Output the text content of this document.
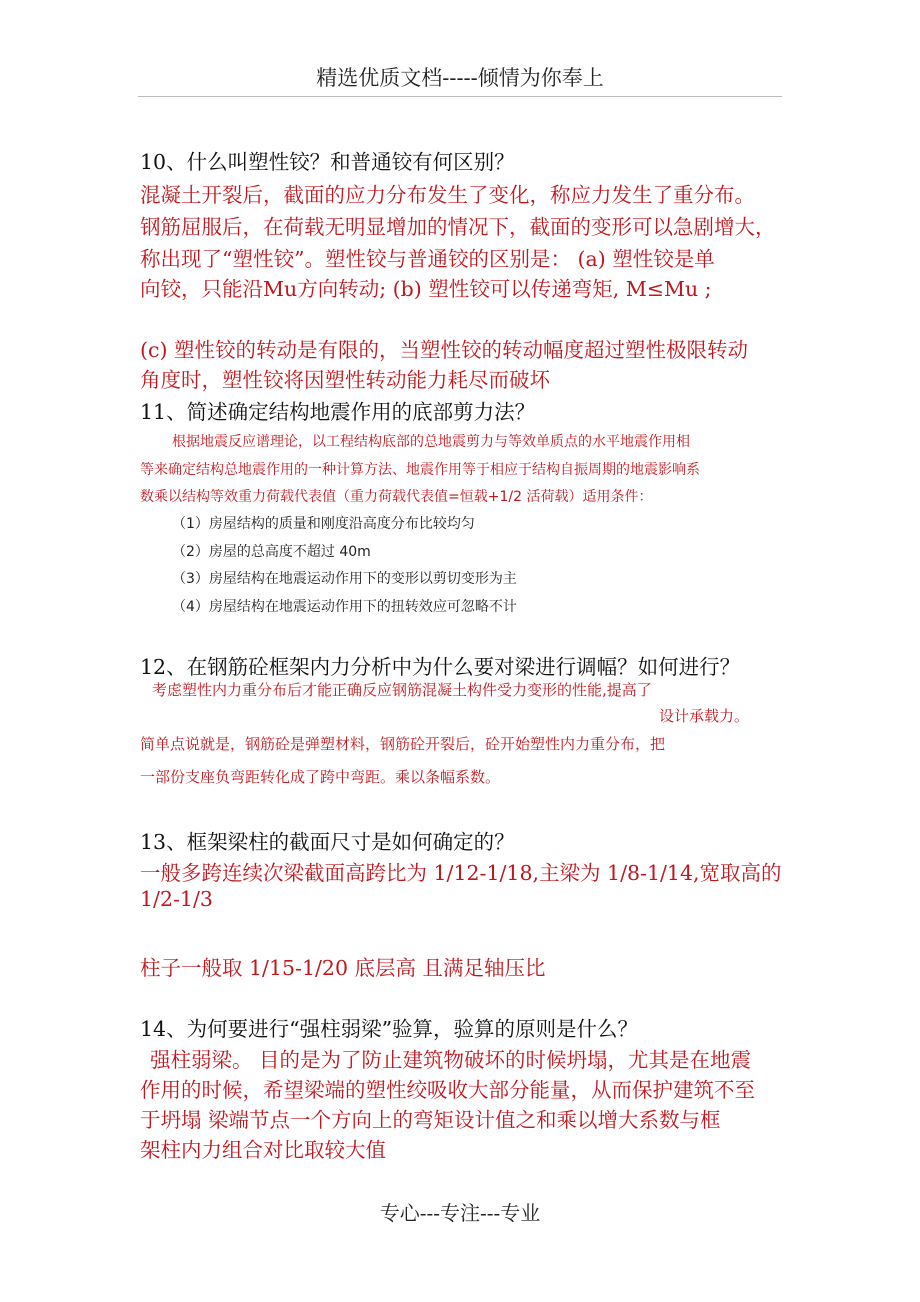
精选优质文档-----倾情为你奉上
10、什么叫塑性铰？和普通铰有何区别？
混凝土开裂后，截面的应力分布发生了变化，称应力发生了重分布。
钢筋屈服后，在荷载无明显增加的情况下，截面的变形可以急剧增大，
称出现了“塑性铰”。塑性铰与普通铰的区别是： (a) 塑性铰是单
向铰，只能沿Mu方向转动; (b) 塑性铰可以传递弯矩, M≤Mu ;
(c) 塑性铰的转动是有限的，当塑性铰的转动幅度超过塑性极限转动
角度时，塑性铰将因塑性转动能力耗尽而破坏
11、简述确定结构地震作用的底部剪力法？
根据地震反应谱理论，以工程结构底部的总地震剪力与等效单质点的水平地震作用相
等来确定结构总地震作用的一种计算方法、地震作用等于相应于结构自振周期的地震影响系
数乘以结构等效重力荷载代表值（重力荷载代表值=恒载+1/2 活荷载）适用条件：
（1）房屋结构的质量和刚度沿高度分布比较均匀
（2）房屋的总高度不超过 40m
（3）房屋结构在地震运动作用下的变形以剪切变形为主
（4）房屋结构在地震运动作用下的扭转效应可忽略不计
12、在钢筋砼框架内力分析中为什么要对梁进行调幅？如何进行？
考虑塑性内力重分布后才能正确反应钢筋混凝土构件受力变形的性能,提高了
设计承载力。
简单点说就是，钢筋砼是弹塑材料，钢筋砼开裂后，砼开始塑性内力重分布，把
一部份支座负弯距转化成了跨中弯距。乘以条幅系数。
13、框架梁柱的截面尺寸是如何确定的？
一般多跨连续次梁截面高跨比为 1/12-1/18,主梁为 1/8-1/14,宽取高的
1/2-1/3
柱子一般取 1/15-1/20 底层高 且满足轴压比
14、为何要进行“强柱弱梁”验算，验算的原则是什么？
强柱弱梁。 目的是为了防止建筑物破坏的时候坍塌，尤其是在地震
作用的时候，希望梁端的塑性绞吸收大部分能量，从而保护建筑不至
于坍塌 梁端节点一个方向上的弯矩设计值之和乘以增大系数与框
架柱内力组合对比取较大值
专心---专注---专业
